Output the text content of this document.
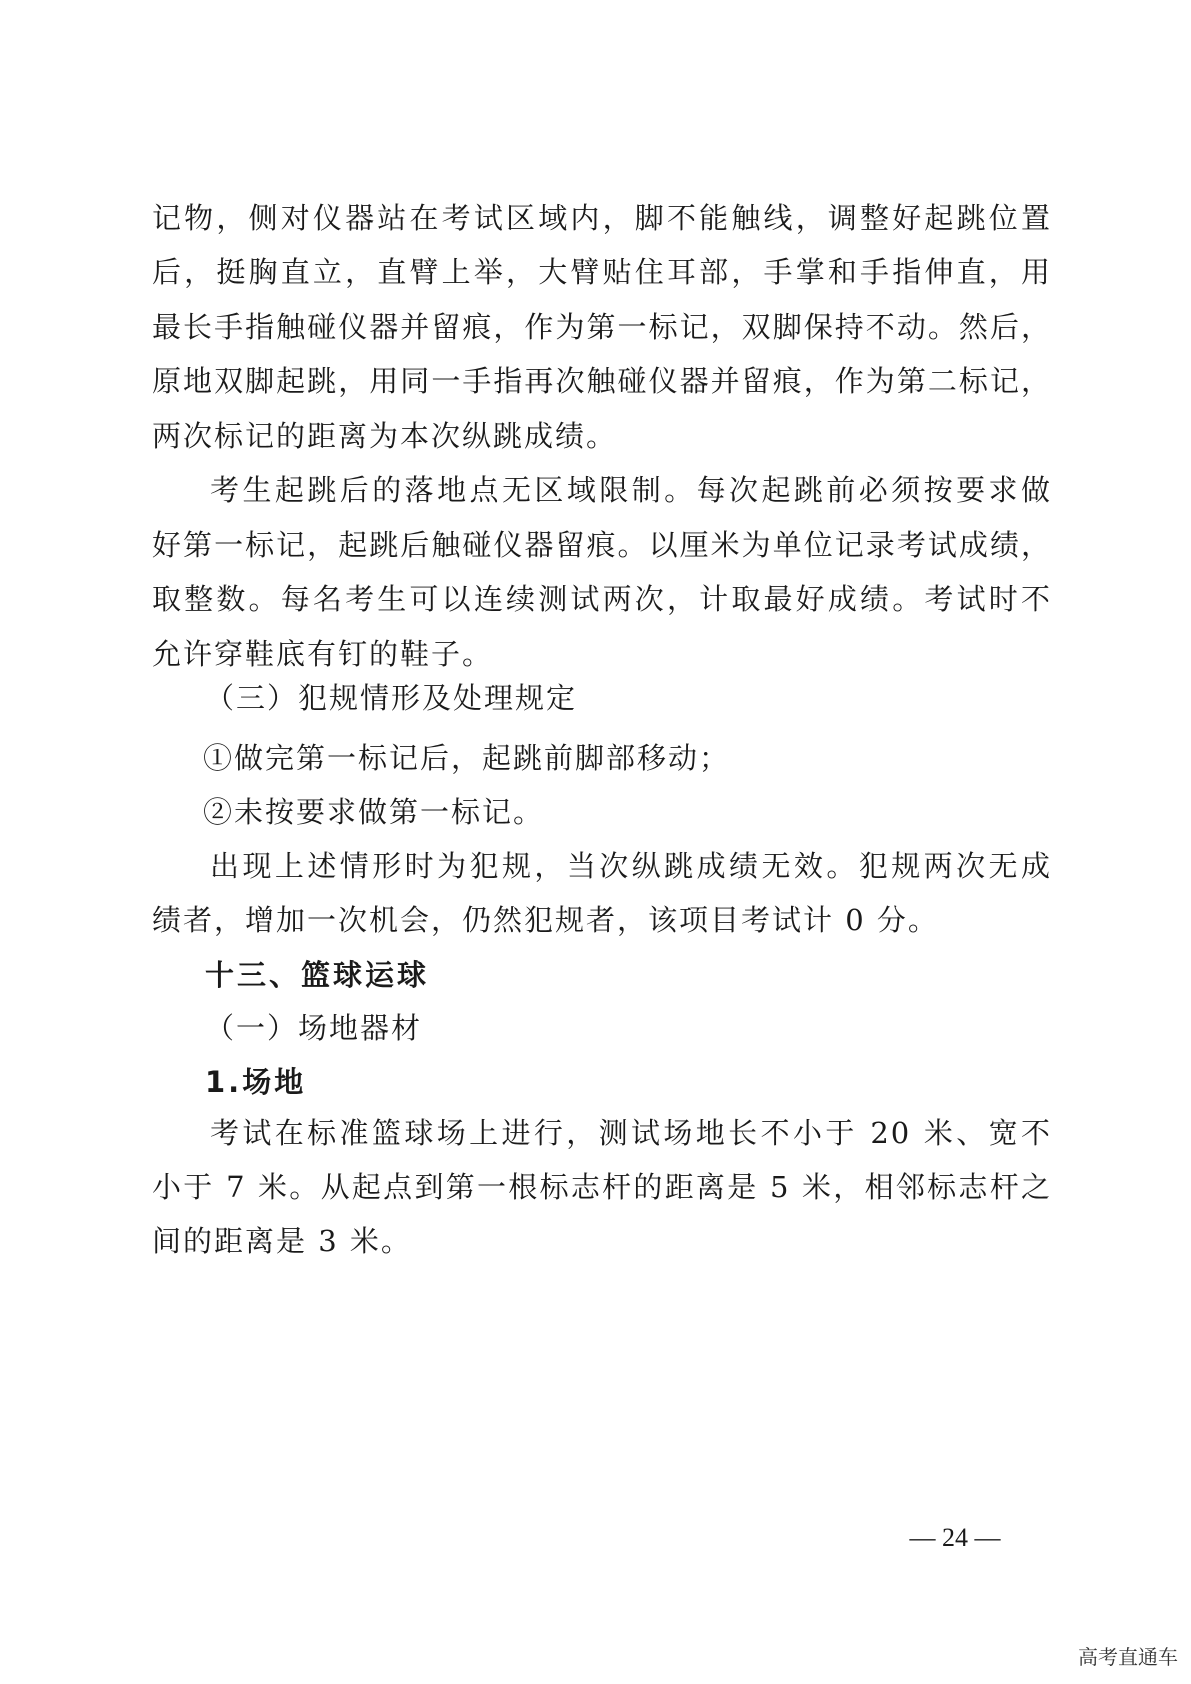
记物，侧对仪器站在考试区域内，脚不能触线，调整好起跳位置
后，挺胸直立，直臂上举，大臂贴住耳部，手掌和手指伸直，用
最长手指触碰仪器并留痕，作为第一标记，双脚保持不动。然后，
原地双脚起跳，用同一手指再次触碰仪器并留痕，作为第二标记，
两次标记的距离为本次纵跳成绩。
考生起跳后的落地点无区域限制。每次起跳前必须按要求做
好第一标记，起跳后触碰仪器留痕。以厘米为单位记录考试成绩，
取整数。每名考生可以连续测试两次，计取最好成绩。考试时不
允许穿鞋底有钉的鞋子。
（三）犯规情形及处理规定
①做完第一标记后，起跳前脚部移动；
②未按要求做第一标记。
出现上述情形时为犯规，当次纵跳成绩无效。犯规两次无成
绩者，增加一次机会，仍然犯规者，该项目考试计 0 分。
十三、篮球运球
（一）场地器材
1.场地
考试在标准篮球场上进行，测试场地长不小于 20 米、宽不
小于 7 米。从起点到第一根标志杆的距离是 5 米，相邻标志杆之
间的距离是 3 米。
— 24 —
高考直通车
